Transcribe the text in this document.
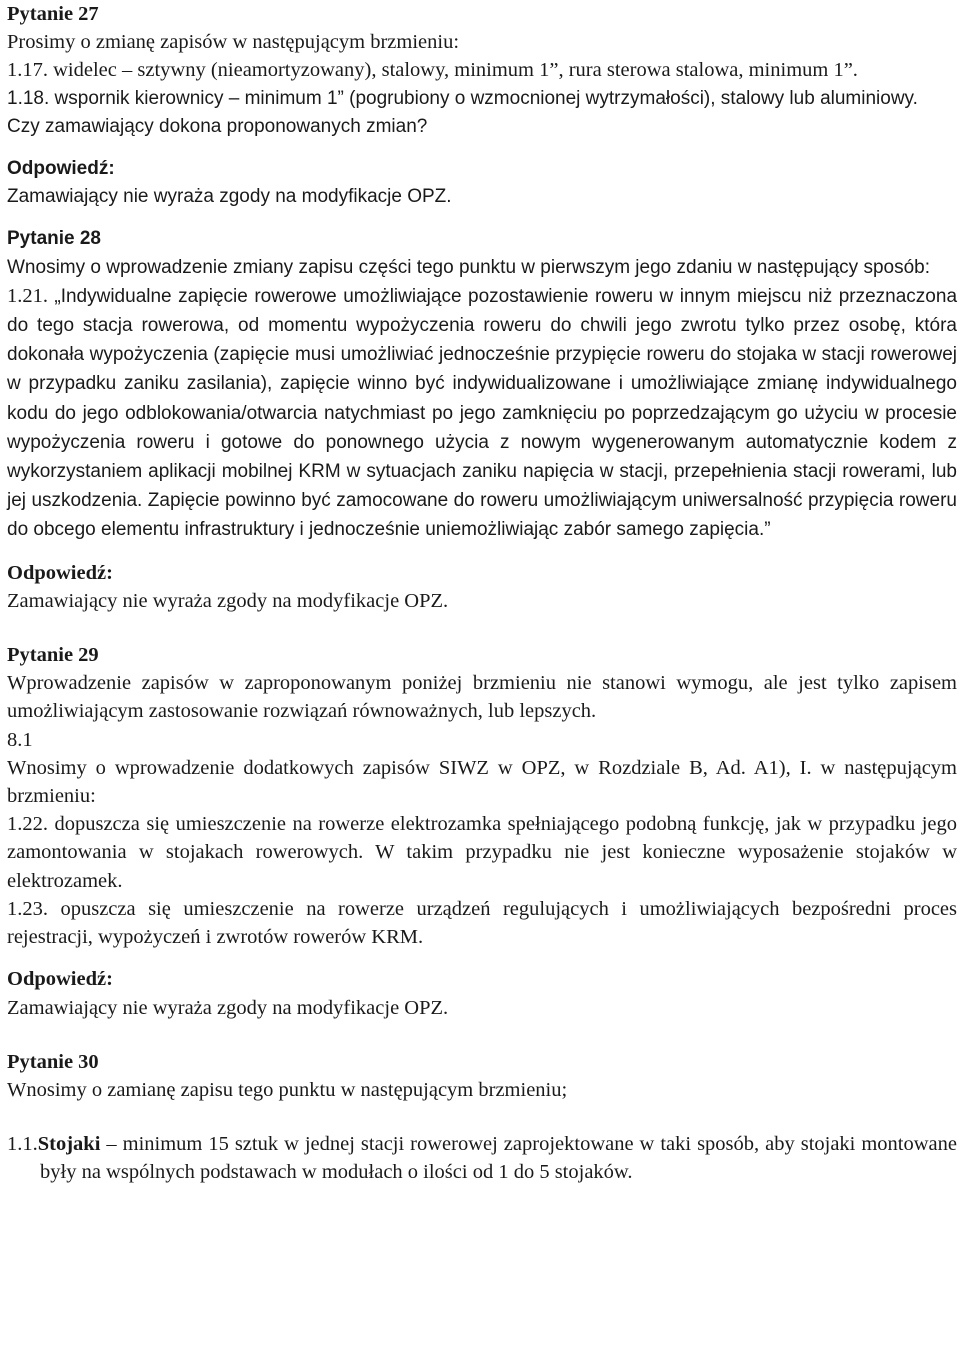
Pytanie 27

Prosimy o zmianę zapisów w następującym brzmieniu:

1.17. widelec – sztywny (nieamortyzowany), stalowy, minimum 1”, rura sterowa stalowa, minimum 1”.

1.18. wspornik kierownicy – minimum 1” (pogrubiony o wzmocnionej wytrzymałości), stalowy lub aluminiowy.

Czy zamawiający dokona proponowanych zmian?

Odpowiedź:

Zamawiający nie wyraża zgody na modyfikacje OPZ.

Pytanie 28

Wnosimy o wprowadzenie zmiany zapisu części tego punktu w pierwszym jego zdaniu w następujący sposób:

1.21. „Indywidualne zapięcie rowerowe umożliwiające pozostawienie roweru w innym miejscu niż przeznaczona do tego stacja rowerowa, od momentu wypożyczenia roweru do chwili jego zwrotu tylko przez osobę, która dokonała wypożyczenia (zapięcie musi umożliwiać jednocześnie przypięcie roweru do stojaka w stacji rowerowej w przypadku zaniku zasilania), zapięcie winno być indywidualizowane i umożliwiające zmianę indywidualnego kodu do jego odblokowania/otwarcia natychmiast po jego zamknięciu po poprzedzającym go użyciu w procesie wypożyczenia roweru i gotowe do ponownego użycia z nowym wygenerowanym automatycznie kodem z wykorzystaniem aplikacji mobilnej KRM w sytuacjach zaniku napięcia w stacji, przepełnienia stacji rowerami, lub jej uszkodzenia. Zapięcie powinno być zamocowane do roweru umożliwiającym uniwersalność przypięcia roweru do obcego elementu infrastruktury i jednocześnie uniemożliwiając zabór samego zapięcia.”

Odpowiedź:

Zamawiający nie wyraża zgody na modyfikacje OPZ.

Pytanie 29

Wprowadzenie zapisów w zaproponowanym poniżej brzmieniu nie stanowi wymogu, ale jest tylko zapisem umożliwiającym zastosowanie rozwiązań równoważnych, lub lepszych.

8.1

Wnosimy o wprowadzenie dodatkowych zapisów SIWZ w OPZ, w Rozdziale B, Ad. A1), I. w następującym brzmieniu:

1.22. dopuszcza się umieszczenie na rowerze elektrozamka spełniającego podobną funkcję, jak w przypadku jego zamontowania w stojakach rowerowych. W takim przypadku nie jest konieczne wyposażenie stojaków w elektrozamek.

1.23. opuszcza się umieszczenie na rowerze urządzeń regulujących i umożliwiających bezpośredni proces rejestracji, wypożyczeń i zwrotów rowerów KRM.

Odpowiedź:

Zamawiający nie wyraża zgody na modyfikacje OPZ.

Pytanie 30

Wnosimy o zamianę zapisu tego punktu w następującym brzmieniu;

1.1.Stojaki – minimum 15 sztuk w jednej stacji rowerowej zaprojektowane w taki sposób, aby stojaki montowane były na wspólnych podstawach w modułach o ilości od 1 do 5 stojaków.
